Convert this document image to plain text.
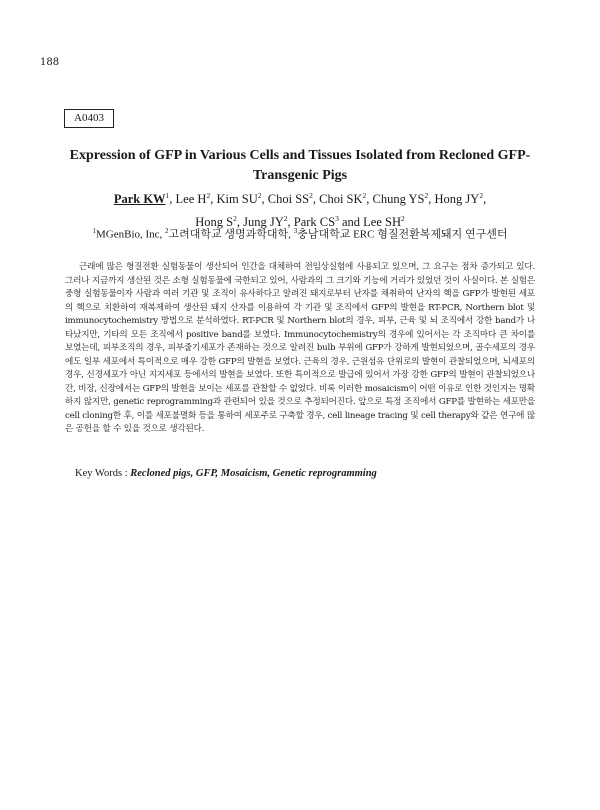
188
A0403
Expression of GFP in Various Cells and Tissues Isolated from Recloned GFP-Transgenic Pigs
Park $KW^1$, Lee $H^2$, Kim $SU^2$, Choi $SS^2$, Choi $SK^2$, Chung $YS^2$, Hong $JY^2$,
Hong $S^2$, Jung $JY^2$, Park $CS^3$ and Lee $SH^2$
$^1$MGenBio, Inc, $^2$고려대학교 생명과학대학, $^3$충남대학교 ERC 형질전환복제돼지 연구센터
근래에 많은 형질전환 실험동물이 생산되어 인간을 대체하여 전임상실험에 사용되고 있으며, 그 요구는 점차 증가되고 있다. 그러나 지금까지 생산된 것은 소형 실험동물에 국한되고 있어, 사람과의 그 크기와 기능에 거리가 있었던 것이 사실이다. 본 실험은 중형 실험동물이자 사람과 여러 기관 및 조직이 유사하다고 알려진 돼지로부터 난자를 채취하여 난자의 핵을 GFP가 발현된 세포의 핵으로 치환하여 재복제하여 생산된 돼지 산자를 이용하여 각 기관 및 조직에서 GFP의 발현을 RT-PCR, Northern blot 및 immunocytochemistry 방법으로 분석하였다. RT-PCR 및 Northern blot의 경우, 피부, 근육 및 뇌 조직에서 강한 band가 나타났지만, 기타의 모든 조직에서 positive band를 보였다. Immunocytochemistry의 경우에 있어서는 각 조직마다 큰 차이를 보였는데, 피부조직의 경우, 피부줄기세포가 존재하는 것으로 알려진 bulb 부위에 GFP가 강하게 발현되었으며, 골수세포의 경우에도 일부 세포에서 특이적으로 매우 강한 GFP의 발현을 보였다. 근육의 경우, 근원섬유 단위로의 발현이 관찰되었으며, 뇌세포의 경우, 신경세포가 아닌 지지세포 등에서의 발현을 보였다. 또한 특이적으로 발급에 있어서 가장 강한 GFP의 발현이 관찰되었으나 간, 비장, 신장에서는 GFP의 발현을 보이는 세포를 관찰할 수 없었다. 비록 이러한 mosaicism이 어떤 이유로 인한 것인지는 명확하지 않지만, genetic reprogramming과 관련되어 있을 것으로 추정되어진다. 앞으로 특정 조직에서 GFP를 발현하는 세포만을 cell cloning한 후, 이를 세포불멸화 등을 통하여 세포주로 구축할 경우, cell lineage tracing 및 cell therapy와 같은 연구에 많은 공헌을 할 수 있을 것으로 생각된다.
Key Words : Recloned pigs, GFP, Mosaicism, Genetic reprogramming
